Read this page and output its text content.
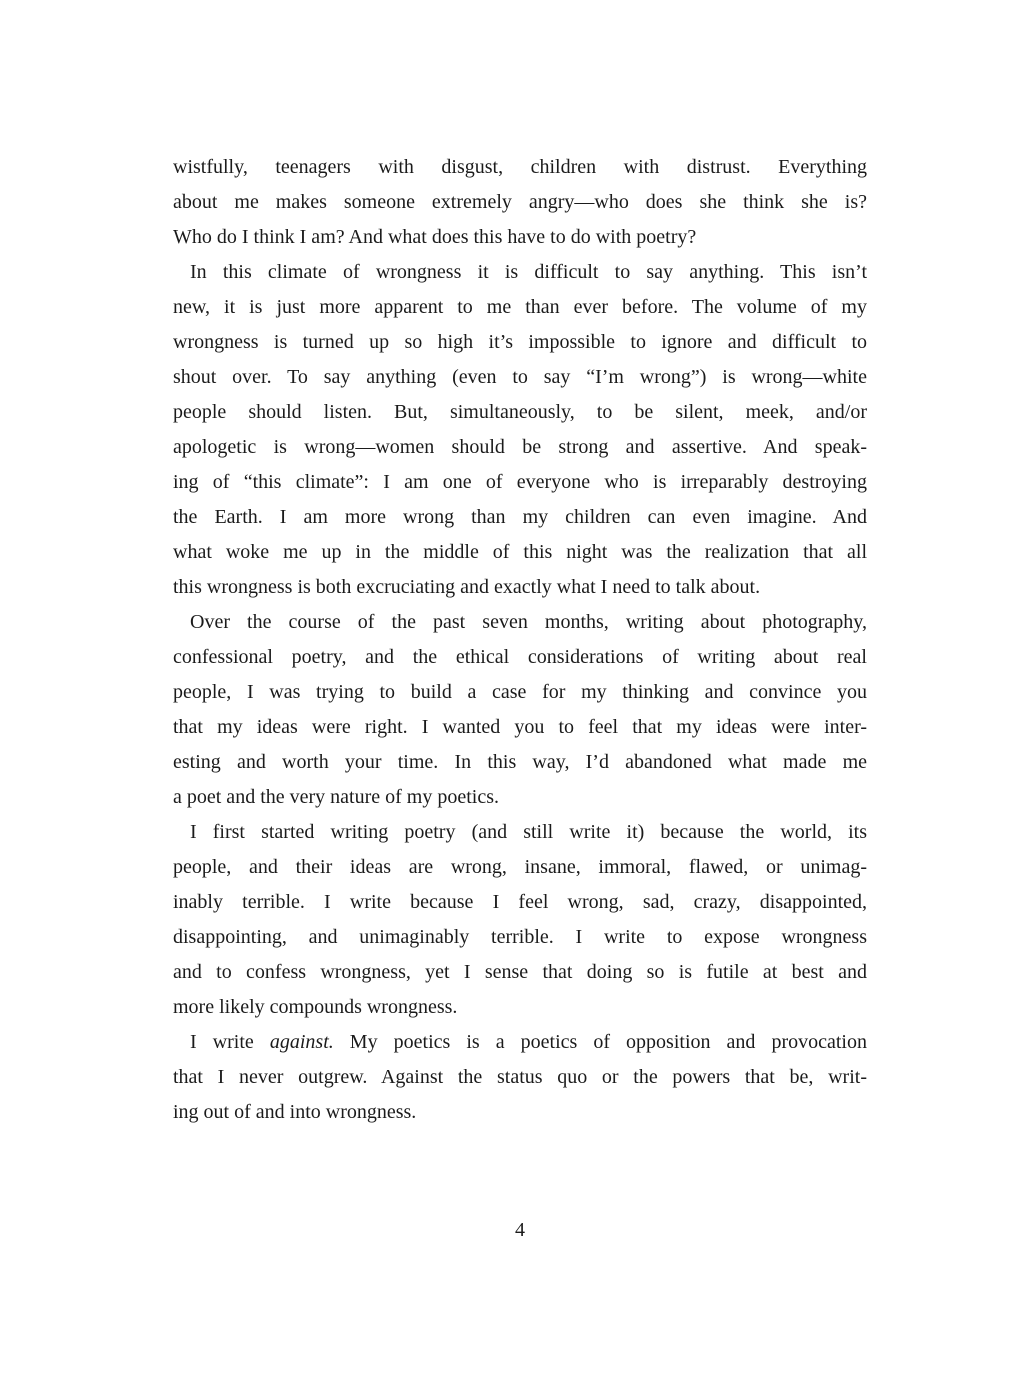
wistfully, teenagers with disgust, children with distrust. Everything
about me makes someone extremely angry—who does she think she is?
Who do I think I am? And what does this have to do with poetry?
In this climate of wrongness it is difficult to say anything. This isn’t
new, it is just more apparent to me than ever before. The volume of my
wrongness is turned up so high it’s impossible to ignore and difficult to
shout over. To say anything (even to say “I’m wrong”) is wrong—white
people should listen. But, simultaneously, to be silent, meek, and/or
apologetic is wrong—women should be strong and assertive. And speak-
ing of “this climate”: I am one of everyone who is irreparably destroying
the Earth. I am more wrong than my children can even imagine. And
what woke me up in the middle of this night was the realization that all
this wrongness is both excruciating and exactly what I need to talk about.
Over the course of the past seven months, writing about photography,
confessional poetry, and the ethical considerations of writing about real
people, I was trying to build a case for my thinking and convince you
that my ideas were right. I wanted you to feel that my ideas were inter-
esting and worth your time. In this way, I’d abandoned what made me
a poet and the very nature of my poetics.
I first started writing poetry (and still write it) because the world, its
people, and their ideas are wrong, insane, immoral, flawed, or unimag-
inably terrible. I write because I feel wrong, sad, crazy, disappointed,
disappointing, and unimaginably terrible. I write to expose wrongness
and to confess wrongness, yet I sense that doing so is futile at best and
more likely compounds wrongness.
I write against. My poetics is a poetics of opposition and provocation
that I never outgrew. Against the status quo or the powers that be, writ-
ing out of and into wrongness.
4
